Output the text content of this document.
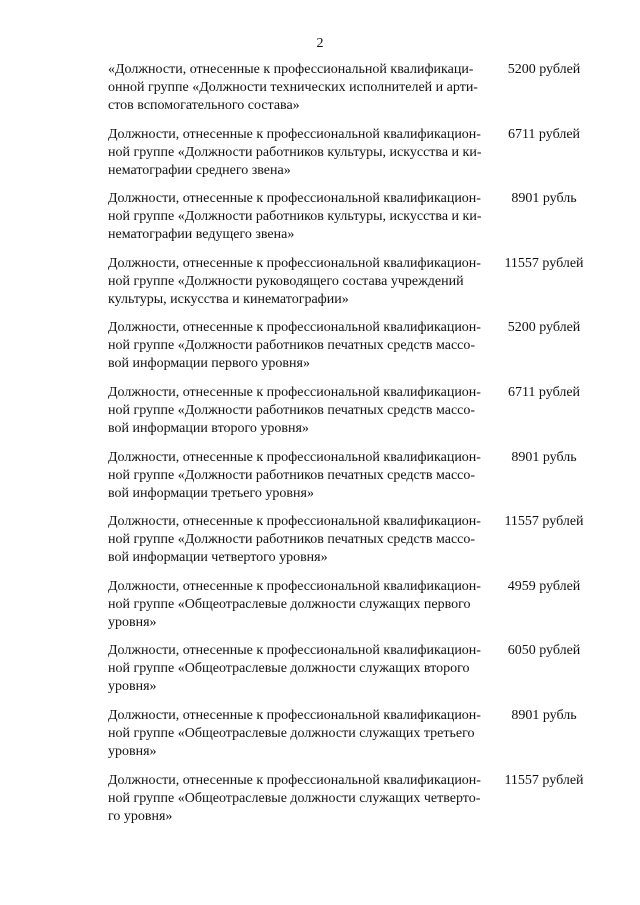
2
«Должности, отнесенные к профессиональной квалификаци-
онной группе «Должности технических исполнителей и арти-
стов вспомогательного состава»
5200 рублей
Должности, отнесенные к профессиональной квалификацион-
ной группе «Должности работников культуры, искусства и ки-
нематографии среднего звена»
6711 рублей
Должности, отнесенные к профессиональной квалификацион-
ной группе «Должности работников культуры, искусства и ки-
нематографии ведущего звена»
8901 рубль
Должности, отнесенные к профессиональной квалификацион-
ной группе «Должности руководящего состава учреждений
культуры, искусства и кинематографии»
11557 рублей
Должности, отнесенные к профессиональной квалификацион-
ной группе «Должности работников печатных средств массо-
вой информации первого уровня»
5200 рублей
Должности, отнесенные к профессиональной квалификацион-
ной группе «Должности работников печатных средств массо-
вой информации второго уровня»
6711 рублей
Должности, отнесенные к профессиональной квалификацион-
ной группе «Должности работников печатных средств массо-
вой информации третьего уровня»
8901 рубль
Должности, отнесенные к профессиональной квалификацион-
ной группе «Должности работников печатных средств массо-
вой информации четвертого уровня»
11557 рублей
Должности, отнесенные к профессиональной квалификацион-
ной группе «Общеотраслевые должности служащих первого
уровня»
4959 рублей
Должности, отнесенные к профессиональной квалификацион-
ной группе «Общеотраслевые должности служащих второго
уровня»
6050 рублей
Должности, отнесенные к профессиональной квалификацион-
ной группе «Общеотраслевые должности служащих третьего
уровня»
8901 рубль
Должности, отнесенные к профессиональной квалификацион-
ной группе «Общеотраслевые должности служащих четверто-
го уровня»
11557 рублей
